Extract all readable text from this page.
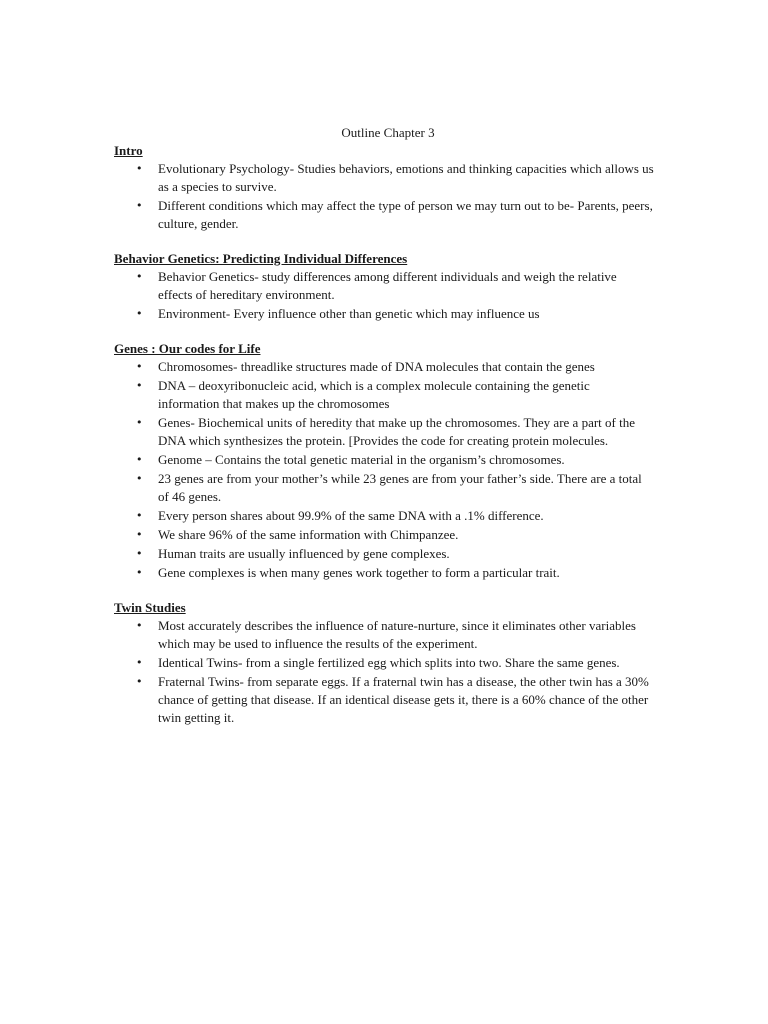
Outline Chapter 3

Intro

• Evolutionary Psychology- Studies behaviors, emotions and thinking capacities which allows us as a species to survive.
• Different conditions which may affect the type of person we may turn out to be- Parents, peers, culture, gender.

Behavior Genetics: Predicting Individual Differences

• Behavior Genetics- study differences among different individuals and weigh the relative effects of hereditary environment.
• Environment- Every influence other than genetic which may influence us

Genes : Our codes for Life

• Chromosomes- threadlike structures made of DNA molecules that contain the genes
• DNA – deoxyribonucleic acid, which is a complex molecule containing the genetic information that makes up the chromosomes
• Genes- Biochemical units of heredity that make up the chromosomes. They are a part of the DNA which synthesizes the protein. [Provides the code for creating protein molecules.
• Genome – Contains the total genetic material in the organism’s chromosomes.
• 23 genes are from your mother’s while 23 genes are from your father’s side. There are a total of 46 genes.
• Every person shares about 99.9% of the same DNA with a .1% difference.
• We share 96% of the same information with Chimpanzee.
• Human traits are usually influenced by gene complexes.
• Gene complexes is when many genes work together to form a particular trait.

Twin Studies

• Most accurately describes the influence of nature-nurture, since it eliminates other variables which may be used to influence the results of the experiment.
• Identical Twins- from a single fertilized egg which splits into two. Share the same genes.
• Fraternal Twins- from separate eggs. If a fraternal twin has a disease, the other twin has a 30% chance of getting that disease. If an identical disease gets it, there is a 60% chance of the other twin getting it.
